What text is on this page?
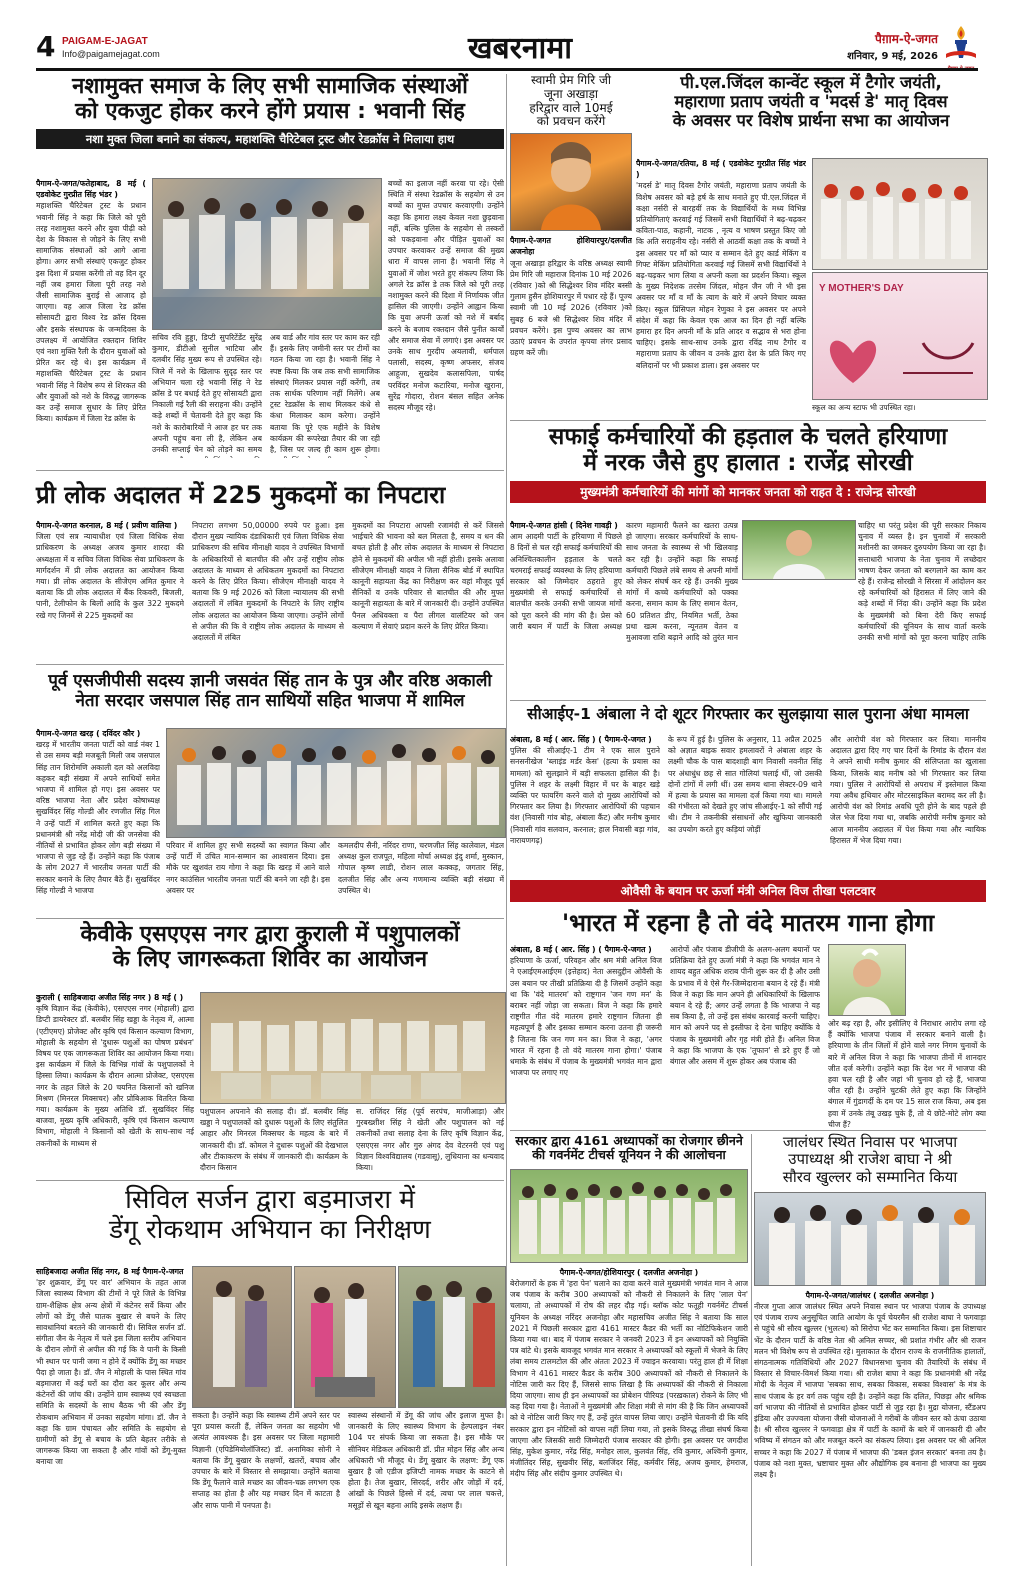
4 PAIGAM-E-JAGAT
Info@paigamejagat.com	खबरनामा	पैग़ाम-ऐ-जगत
शनिवार, 9 मई, 2026
नशामुक्त समाज के लिए सभी सामाजिक संस्थाओं
को एकजुट होकर करने होंगे प्रयास : भवानी सिंह
नशा मुक्त जिला बनाने का संकल्प, महाशक्ति चैरिटेबल ट्रस्ट और रेडक्रॉस ने मिलाया हाथ
पैगाम-ऐ-जगत/फतेहाबाद, 8 मई ( एडवोकेट गुरप्रीत सिंह भंडर )
महाशक्ति चैरिटेबल ट्रस्ट के प्रधान भवानी सिंह ने कहा कि जिले को पूरी तरह नशामुक्त करने और युवा पीढ़ी को देश के विकास से जोड़ने के लिए सभी सामाजिक संस्थाओं को आगे आना होगा। अगर सभी संस्थाएं एकजुट होकर इस दिशा में प्रयास करेंगी तो वह दिन दूर नहीं जब हमारा जिला पूरी तरह नशे जैसी सामाजिक बुराई से आजाद हो जाएगा। वह आज जिला रेड क्रॉस सोसायटी द्वारा विश्व रेड क्रॉस दिवस और इसके संस्थापक के जन्मदिवस के उपलक्ष्य में आयोजित रक्तदान शिविर एवं नशा मुक्ति रैली के दौरान युवाओं को प्रेरित कर रहे थे। इस कार्यक्रम में महाशक्ति चैरिटेबल ट्रस्ट के प्रधान भवानी सिंह ने विशेष रूप से शिरकत की और युवाओं को नशे के विरुद्ध जागरूक कर उन्हें समाज सुधार के लिए प्रेरित किया। कार्यक्रम में जिला रेड क्रॉस के
सचिव रवि हुड्डा, डिप्टी सुपरिटेंडेंट सुरेंद्र कुमार, डीटीओ सुनील भाटिया और दलबीर सिंह मुख्य रूप से उपस्थित रहे। जिले में नशे के खिलाफ सुदृढ़ स्तर पर अभियान चला रहे भवानी सिंह ने रेड क्रॉस डे पर बधाई देते हुए सोसायटी द्वारा निकाली गई रैली की सराहना की। उन्होंने कड़े शब्दों में चेतावनी देते हुए कहा कि नशे के कारोबारियों ने आज हर घर तक अपनी पहुंच बना ली है, लेकिन अब उनकी सप्लाई चेन को तोड़ने का समय
अब वार्ड और गांव स्तर पर काम कर रही हैं। इसके लिए जमीनी स्तर पर टीमों का गठन किया जा रहा है। भवानी सिंह ने स्पष्ट किया कि जब तक सभी सामाजिक संस्थाएं मिलकर प्रयास नहीं करेंगी, तब तक सार्थक परिणाम नहीं मिलेंगे। अब ट्रस्ट रेडक्रॉस के साथ मिलकर कंधे से कंधा मिलाकर काम करेगा। उन्होंने बताया कि पूरे एक महीने के विशेष कार्यक्रम की रूपरेखा तैयार की जा रही है, जिस पर जल्द ही काम शुरू होगा।
बच्चों का इलाज नहीं करवा पा रहे। ऐसी स्थिति में संस्था रेडक्रॉस के सहयोग से उन बच्चों का मुफ्त उपचार करवाएगी। उन्होंने कहा कि हमारा लक्ष्य केवल नशा छुड़वाना नहीं, बल्कि पुलिस के सहयोग से तस्करों को पकड़वाना और पीड़ित युवाओं का उपचार करवाकर उन्हें समाज की मुख्य धारा में वापस लाना है। भवानी सिंह ने युवाओं में जोश भरते हुए संकल्प लिया कि अगले रेड क्रॉस डे तक जिले को पूरी तरह नशामुक्त करने की दिशा में निर्णायक जीत हासिल की जाएगी। उन्होंने आह्वान किया कि युवा अपनी ऊर्जा को नशे में बर्बाद करने के बजाय रक्तदान जैसे पुनीत कार्यों और समाज सेवा में लगाएं। इस अवसर पर उनके साथ गुरदीप अयलावी, धर्मपाल पलासी, सदस्य, कृष्ण अफसर, संजय आहूजा, सुखदेव कलासपिला, पार्षद परविंदर मनोज कटारिया, मनोज खुराना, सुरेंद्र गोदारा, रोशन बंसल सहित अनेक सदस्य मौजूद रहे।
स्वामी प्रेम गिरि जी
जूना अखाड़ा
हरिद्वार वाले 10मई
को प्रवचन करेंगे
पैगाम-ऐ-जगत होशियारपुर/दलजीत अजनोहा
जूना अखाड़ा हरिद्वार के वरिष्ठ अध्यक्ष स्वामी प्रेम गिरि जी महाराज दिनांक 10 मई 2026 (रविवार )को श्री सिद्धेश्वर शिव मंदिर बस्सी गुलाम हुसैन होशियारपुर में पधार रहे हैं। पूज्य स्वामी जी 10 मई 2026 (रविवार )को सुबह 6 बजे श्री सिद्धेश्वर शिव मंदिर में प्रवचन करेंगे। इस पुण्य अवसर का लाभ उठाएं प्रवचन के उपरांत कृपया लंगर प्रसाद ग्रहण करें जी।
पी.एल.जिंदल कान्वेंट स्कूल में टैगोर जयंती,
महाराणा प्रताप जयंती व 'मदर्स डे' मातृ दिवस
के अवसर पर विशेष प्रार्थना सभा का आयोजन
पैगाम-ऐ-जगत/रतिया, 8 मई ( एडवोकेट गुरप्रीत सिंह भंडर )
'मदर्स डे' मातृ दिवस टैगोर जयंती, महाराणा प्रताप जयंती के विशेष अवसर को बड़े हर्ष के साथ मनाते हुए पी.एल.जिंदल में कक्षा नर्सरी से बारहवीं तक के विद्यार्थियों के मध्य विभिन्न प्रतियोगिताएं करवाई गई जिसमें सभी विद्यार्थियों ने बढ़-चढ़कर कविता-पाठ, कहानी, नाटक , नृत्य व भाषण प्रस्तुत किए जो कि अति सराहनीय रहे। नर्सरी से आठवीं कक्षा तक के बच्चों ने इस अवसर पर माँ को प्यार व सम्मान देते हुए कार्ड मेकिंग व गिफ्ट मेकिंग प्रतियोगिता करवाई गई जिसमें सभी विद्यार्थियों ने बढ़-चढ़कर भाग लिया व अपनी कला का प्रदर्शन किया। स्कूल के मुख्य निदेशक तरसेम जिंदल, मोहन जैन जी ने भी इस अवसर पर माँ व माँ के त्याग के बारे में अपने विचार व्यक्त किए। स्कूल प्रिंसिपल मोहन रेणुका ने इस अवसर पर अपने संदेश में कहा कि केवल एक आज का दिन ही नहीं बल्कि हमारा हर दिन अपनी माँ के प्रति आदर व सद्भाव से भरा होना चाहिए। इसके साथ-साथ उनके द्वारा रविंद्र नाथ टैगोर व महाराणा प्रताप के जीवन व उनके द्वारा देश के प्रति किए गए बलिदानों पर भी प्रकाश डाला। इस अवसर पर
Y MOTHER'S DAY
स्कूल का अन्य स्टाफ भी उपस्थित रहा।
सफाई कर्मचारियों की हड़ताल के चलते हरियाणा
में नरक जैसे हुए हालात : राजेंद्र सोरखी
मुख्यमंत्री कर्मचारियों की मांगों को मानकर जनता को राहत दे : राजेन्द्र सोरखी
पैगाम-ऐ-जगत हांसी ( दिनेश गावड़ी )
आम आदमी पार्टी के हरियाणा में पिछले 8 दिनों से चल रही सफाई कर्मचारियों की अनिश्चितकालीन हड़ताल के चलते चरमराई सफाई व्यवस्था के लिए हरियाणा सरकार को जिम्मेदार ठहराते हुए मुख्यमंत्री से सफाई कर्मचारियों से बातचीत करके उनकी सभी जायज मांगों को पूरा करने की मांग की है। प्रेस को जारी बयान में पार्टी के जिला अध्यक्ष
कारण महामारी फैलने का खतरा उत्पन्न हो जाएगा। सरकार कर्मचारियों के साथ-साथ जनता के स्वास्थ्य से भी खिलवाड़ कर रही है। उन्होंने कहा कि सफाई कर्मचारी पिछले लंबे समय से अपनी मांगों को लेकर संघर्ष कर रहे हैं। उनकी मुख्य मांगों में कच्चे कर्मचारियों को पक्का करना, समान काम के लिए समान वेतन, 60 प्रतिशत डीए, नियमित भर्ती, ठेका प्रथा खत्म करना, न्यूनतम वेतन व मुआवजा राशि बढ़ाने आदि को तुरंत मान
चाहिए था परंतु प्रदेश की पूरी सरकार निकाय चुनाव में व्यस्त है। इन चुनावों में सरकारी मशीनरी का जमकर दुरुपयोग किया जा रहा है। सत्ताधारी भाजपा के नेता चुनाव में लच्छेदार भाषण देकर जनता को बरगलाने का काम कर रहे हैं। राजेन्द्र सोरखी ने सिरसा में आंदोलन कर रहे कर्मचारियों को हिरासत में लिए जाने की कड़े शब्दों में निंदा की। उन्होंने कहा कि प्रदेश के मुख्यमंत्री को बिना देरी किए सफाई कर्मचारियों की यूनियन के साथ वार्ता करके उनकी सभी मांगों को पूरा करना चाहिए ताकि
प्री लोक अदालत में 225 मुकदमों का निपटारा
पैगाम-ऐ-जगत करनाल, 8 मई ( प्रवीण वालिया )
जिला एवं सत्र न्यायाधीश एवं जिला विधिक सेवा प्राधिकरण के अध्यक्ष अजय कुमार शारदा की अध्यक्षता में व सचिव जिला विधिक सेवा प्राधिकरण के मार्गदर्शन में प्री लोक अदालत का आयोजन किया गया। प्री लोक अदालत के सीजेएम अमित कुमार ने बताया कि प्री लोक अदालत में बैंक रिकवरी, बिजली, पानी, टेलीफोन के बिलों आदि के कुल 322 मुकदमे रखे गए जिनमें से 225 मुकदमों का
निपटारा लगभग 50,00000 रुपये पर हुआ। इस दौरान मुख्य न्यायिक दंडाधिकारी एवं जिला विधिक सेवा प्राधिकरण की सचिव मीनाक्षी यादव ने उपस्थित विभागों के अधिकारियों से बातचीत की और उन्हें राष्ट्रीय लोक अदालत के माध्यम से अधिकतम मुकदमों का निपटारा करने के लिए प्रेरित किया। सीजेएम मीनाक्षी यादव ने बताया कि 9 मई 2026 को जिला न्यायालय की सभी अदालतों में लंबित मुकदमों के निपटारे के लिए राष्ट्रीय लोक अदालत का आयोजन किया जाएगा। उन्होंने लोगों से अपील की कि वे राष्ट्रीय लोक अदालत के माध्यम से अदालतों में लंबित
मुकदमों का निपटारा आपसी रजामंदी से करें जिससे भाईचारे की भावना को बल मिलता है, समय व धन की बचत होती है और लोक अदालत के माध्यम से निपटारा होने से मुकदमों की अपील भी नहीं होती। इसके अलावा सीजेएम मीनाक्षी यादव ने जिला सैनिक बोर्ड में स्थापित कानूनी सहायता केंद्र का निरीक्षण कर वहां मौजूद पूर्व सैनिकों व उनके परिवार से बातचीत की और मुफ्त कानूनी सहायता के बारे में जानकारी दी। उन्होंने उपस्थित पैनल अधिवक्ता व पैरा लीगल वालंटियर को जन कल्याण में सेवाएं प्रदान करने के लिए प्रेरित किया।
पूर्व एसजीपीसी सदस्य ज्ञानी जसवंत सिंह तान के पुत्र और वरिष्ठ अकाली
नेता सरदार जसपाल सिंह तान साथियों सहित भाजपा में शामिल
पैगाम-ऐ-जगत खरड़ ( दविंदर कौर )
खरड़ में भारतीय जनता पार्टी को वार्ड नंबर 1 से उस समय बड़ी मजबूती मिली जब जसपाल सिंह तान शिरोमणि अकाली दल को अलविदा कहकर बड़ी संख्या में अपने साथियों समेत भाजपा में शामिल हो गए। इस अवसर पर वरिष्ठ भाजपा नेता और प्रदेश कोषाध्यक्ष सुखविंदर सिंह गोल्डी और रणजीत सिंह गिल ने उन्हें पार्टी में शामिल करते हुए कहा कि प्रधानमंत्री श्री नरेंद्र मोदी जी की जनसेवा की नीतियों से प्रभावित होकर लोग बड़ी संख्या में भाजपा से जुड़ रहे हैं। उन्होंने कहा कि पंजाब के लोग 2027 में भारतीय जनता पार्टी की सरकार बनाने के लिए तैयार बैठे हैं। सुखविंदर सिंह गोल्डी ने भाजपा
परिवार में शामिल हुए सभी सदस्यों का स्वागत किया और उन्हें पार्टी में उचित मान-सम्मान का आश्वासन दिया। इस मौके पर खुशवंत राय गोगा ने कहा कि खरड़ में आने वाले नगर काउंसिल भारतीय जनता पार्टी की बनने जा रही है। इस अवसर पर
कमलदीप सैनी, नरिंदर राणा, चरणजीत सिंह कालेवाल, मंडल अध्यक्ष कुल राजपूत, महिला मोर्चा अध्यक्ष इंदु शर्मा, मुस्कान, गोपाल कृष्ण लाडी, रोशन लाल कक्कड़, जगतार सिंह, दलजीत सिंह और अन्य गणमान्य व्यक्ति बड़ी संख्या में उपस्थित थे।
सीआईए-1 अंबाला ने दो शूटर गिरफ्तार कर सुलझाया साल पुराना अंधा मामला
अंबाला, 8 मई ( आर. सिंह ) ( पैगाम-ऐ-जगत )
पुलिस की सीआईए-1 टीम ने एक साल पुराने सनसनीखेज 'ब्लाइंड मर्डर केस' (हत्या के प्रयास का मामला) को सुलझाने में बड़ी सफलता हासिल की है। पुलिस ने शहर के लक्ष्मी विहार में घर के बाहर खड़े व्यक्ति पर फायरिंग करने वाले दो मुख्य आरोपियों को गिरफ्तार कर लिया है। गिरफ्तार आरोपियों की पहचान वंश (निवासी गांव बोह, अंबाला कैंट) और मनीष कुमार (निवासी गांव सलवान, करनाल; हाल निवासी बड़ा गांव, नारायणगढ़)
के रूप में हुई है। पुलिस के अनुसार, 11 अप्रैल 2025 को अज्ञात बाइक सवार हमलावरों ने अंबाला शहर के लक्ष्मी चौक के पास बादशाही बाग निवासी नवनीत सिंह पर अंधाधुंध छह से सात गोलियां चलाई थीं, जो उसकी दोनों टांगों में लगी थीं। उस समय थाना सेक्टर-09 थाने में हत्या के प्रयास का मामला दर्ज किया गया था। मामले की गंभीरता को देखते हुए जांच सीआईए-1 को सौंपी गई थी। टीम ने तकनीकी संसाधनों और खुफिया जानकारी का उपयोग करते हुए कड़ियां जोड़ीं
और आरोपी वंश को गिरफ्तार कर लिया। माननीय अदालत द्वारा दिए गए चार दिनों के रिमांड के दौरान वंश ने अपने साथी मनीष कुमार की संलिप्तता का खुलासा किया, जिसके बाद मनीष को भी गिरफ्तार कर लिया गया। पुलिस ने आरोपियों से अपराध में इस्तेमाल किया गया अवैध हथियार और मोटरसाइकिल बरामद कर ली है। आरोपी वंश को रिमांड अवधि पूरी होने के बाद पहले ही जेल भेज दिया गया था, जबकि आरोपी मनीष कुमार को आज माननीय अदालत में पेश किया गया और न्यायिक हिरासत में भेज दिया गया।
ओवैसी के बयान पर ऊर्जा मंत्री अनिल विज तीखा पलटवार
'भारत में रहना है तो वंदे मातरम गाना होगा
अंबाला, 8 मई ( आर. सिंह ) ( पैगाम-ऐ-जगत )
हरियाणा के ऊर्जा, परिवहन और श्रम मंत्री अनिल विज ने एआईएमआईएम (इत्तेहाद) नेता असदुद्दीन ओवैसी के उस बयान पर तीखी प्रतिक्रिया दी है जिसमें उन्होंने कहा था कि 'वंदे मातरम' को राष्ट्रगान 'जन गण मन' के बराबर नहीं जोड़ा जा सकता। विज ने कहा कि हमारे राष्ट्रगीत गीत वंदे मातरम हमारे राष्ट्रगान जितना ही महत्वपूर्ण है और इसका सम्मान करना उतना ही जरूरी है जितना कि जन गण मन का। विज ने कहा, 'अगर भारत में रहना है तो वंदे मातरम गाना होगा।' पंजाब धमाके के संबंध में पंजाब के मुख्यमंत्री भगवंत मान द्वारा भाजपा पर लगाए गए
आरोपों और पंजाब डीजीपी के अलग-अलग बयानों पर प्रतिक्रिया देते हुए ऊर्जा मंत्री ने कहा कि भगवंत मान ने शायद बहुत अधिक शराब पीनी शुरू कर दी है और उसी के प्रभाव में वे ऐसे गैर-जिम्मेदाराना बयान दे रहे हैं। मंत्री विज ने कहा कि मान अपने ही अधिकारियों के खिलाफ बयान दे रहे हैं; अगर उन्हें लगता है कि भाजपा ने यह सब किया है, तो उन्हें इस संबंध कारवाई करनी चाहिए। मान को अपने पद से इस्तीफा दे देना चाहिए क्योंकि वे पंजाब के मुख्यमंत्री और गृह मंत्री होते हैं। अनिल विज ने कहा कि भाजपा के एक 'तूफान' से डरे हुए हैं जो बंगाल और असम में शुरू होकर अब पंजाब की
ओर बढ़ रहा है, और इसीलिए वे निराधार आरोप लगा रहे हैं क्योंकि भाजपा पंजाब में सरकार बनाने वाली है। हरियाणा के तीन जिलों में होने वाले नगर निगम चुनावों के बारे में अनिल विज ने कहा कि भाजपा तीनों में शानदार जीत दर्ज करेगी। उन्होंने कहा कि देश भर में भाजपा की हवा चल रही है और जहां भी चुनाव हो रहे हैं, भाजपा जीत रही है। उन्होंने चुटकी लेते हुए कहा कि जिन्होंने बंगाल में गुंडागर्दी के दम पर 15 साल राज किया, अब इस हवा में उनके तंबू उखड़ चुके हैं, तो ये छोटे-मोटे लोग क्या चीज हैं?
केवीके एसएएस नगर द्वारा कुराली में पशुपालकों
के लिए जागरूकता शिविर का आयोजन
कुराली ( साहिबजादा अजीत सिंह नगर ) 8 मई ( )
कृषि विज्ञान केंद्र (केवीके), एसएएस नगर (मोहाली) द्वारा डिप्टी डायरेक्टर डॉ. बलबीर सिंह खड्डा के नेतृत्व में, आत्मा (एटीएमए) प्रोजेक्ट और कृषि एवं किसान कल्याण विभाग, मोहाली के सहयोग से 'दुधारू पशुओं का पोषण प्रबंधन' विषय पर एक जागरूकता शिविर का आयोजन किया गया। इस कार्यक्रम में जिले के विभिन्न गांवों के पशुपालकों ने हिस्सा लिया। कार्यक्रम के दौरान आत्मा प्रोजेक्ट, एसएएस नगर के तहत जिले के 20 चयनित किसानों को खनिज मिश्रण (मिनरल मिक्सचर) और प्रोबिआक वितरित किया गया। कार्यक्रम के मुख्य अतिथि डॉ. सुखविंदर सिंह बाजवा, मुख्य कृषि अधिकारी, कृषि एवं किसान कल्याण विभाग, मोहाली ने किसानों को खेती के साथ-साथ नई तकनीकों के माध्यम से
पशुपालन अपनाने की सलाह दी। डॉ. बलबीर सिंह खड्डा ने पशुपालकों को दुधारू पशुओं के लिए संतुलित आहार और मिनरल मिक्सचर के महत्व के बारे में जानकारी दी। डॉ. कोमल ने दुधारू पशुओं की देखभाल और टीकाकरण के संबंध में जानकारी दी। कार्यक्रम के दौरान किसान
स. राजिंदर सिंह (पूर्व सरपंच, माजीआड़ा) और गुरबख्शीश सिंह ने खेती और पशुपालन को नई तकनीकों तथा सलाह देना के लिए कृषि विज्ञान केंद्र, एसएएस नगर और गुरु अंगद देव वेटरनरी एवं पशु विज्ञान विश्वविद्यालय (गडवासू), लुधियाना का धन्यवाद किया।
सिविल सर्जन द्वारा बड़माजरा में
डेंगू रोकथाम अभियान का निरीक्षण
साहिबजादा अजीत सिंह नगर, 8 मई पैगाम-ऐ-जगत
'हर शुक्रवार, डेंगू पर वार' अभियान के तहत आज जिला स्वास्थ्य विभाग की टीमों ने पूरे जिले के विभिन्न ग्राम-शैक्षिक क्षेत्र अन्य क्षेत्रों में कंटेनर सर्वे किया और लोगों को डेंगू जैसे घातक बुखार से बचने के लिए सावधानियां बरतने की जानकारी दी। सिविल सर्जन डॉ. संगीता जैन के नेतृत्व में चले इस जिला स्तरीय अभियान के दौरान लोगों से अपील की गई कि वे पानी के किसी भी स्थान पर पानी जमा न होने दें क्योंकि डेंगू का मच्छर पैदा हो जाता है। डॉ. जैन ने मोहाली के पास स्थित गांव बड़माजरा में कई घरों का दौरा कर कूलर और अन्य कंटेनरों की जांच की। उन्होंने ग्राम स्वास्थ्य एवं स्वच्छता समिति के सदस्यों के साथ बैठक भी की और डेंगू रोकथाम अभियान में उनका सहयोग मांगा। डॉ. जैन ने कहा कि ग्राम पंचायत और समिति के सहयोग से ग्रामीणों को डेंगू से बचाव के प्रति बेहतर तरीके से जागरूक किया जा सकता है और गांवों को डेंगू-मुक्त बनाया जा
सकता है। उन्होंने कहा कि स्वास्थ्य टीमें अपने स्तर पर पूरा प्रयास करती हैं, लेकिन जनता का सहयोग भी अत्यंत आवश्यक है। इस अवसर पर जिला महामारी विज्ञानी (एपिडेमियोलॉजिस्ट) डॉ. अनामिका सोनी ने बताया कि डेंगू बुखार के लक्षणों, खतरों, बचाव और उपचार के बारे में विस्तार से समझाया। उन्होंने बताया कि डेंगू फैलाने वाले मच्छर का जीवन-चक्र लगभग एक सप्ताह का होता है और यह मच्छर दिन में काटता है और साफ पानी में पनपता है।
स्वास्थ्य संस्थानों में डेंगू की जांच और इलाज मुफ्त है। जानकारी के लिए स्वास्थ्य विभाग के हेल्पलाइन नंबर 104 पर संपर्क किया जा सकता है। इस मौके पर सीनियर मेडिकल अधिकारी डॉ. प्रीत मोहन सिंह और अन्य अधिकारी भी मौजूद थे। डेंगू बुखार के लक्षण: डेंगू एक बुखार है जो एडीज इजिप्टी नामक मच्छर के काटने से होता है। तेज बुखार, सिरदर्द, शरीर और जोड़ों में दर्द, आंखों के पिछले हिस्से में दर्द, त्वचा पर लाल चकत्ते, मसूड़ों से खून बहना आदि इसके लक्षण हैं।
सरकार द्वारा 4161 अध्यापकों का रोजगार छीनने
की गवर्नमेंट टीचर्स यूनियन ने की आलोचना
पैगाम-ऐ-जगत/होशियारपुर ( दलजीत अजनोहा )
बेरोजगारों के हक में 'हरा पेन' चलाने का दावा करने वाले मुख्यमंत्री भगवंत मान ने आज जब पंजाब के करीब 300 अध्यापकों को नौकरी से निकालने के लिए 'लाल पेन' चलाया, तो अध्यापकों में रोष की लहर दौड़ गई। ब्लॉक कोट फतूही गवर्नमेंट टीचर्स यूनियन के अध्यक्ष नरिंदर अजनोहा और महासचिव अजीत सिंह ने बताया कि साल 2021 में पिछली सरकार द्वारा 4161 मास्टर कैडर की भर्ती का नोटिफिकेशन जारी किया गया था। बाद में पंजाब सरकार ने जनवरी 2023 में इन अध्यापकों को नियुक्ति पत्र बांटे थे। इसके बावजूद भगवंत मान सरकार ने अध्यापकों को स्कूलों में भेजने के लिए लंबा समय टालमटोल की और अंततः 2023 में ज्वाइन करवाया। परंतु हाल ही में शिक्षा विभाग ने 4161 मास्टर कैडर के करीब 300 अध्यापकों को नौकरी से निकालने के नोटिस जारी कर दिए हैं, जिससे साफ लिखा है कि अध्यापकों की नौकरी से निकाला दिया जाएगा। साथ ही इन अध्यापकों का प्रोबेशन पीरियड (परख़काल) रोकने के लिए भी कह दिया गया है। नेताओं ने मुख्यमंत्री और शिक्षा मंत्री से मांग की है कि जिन अध्यापकों को ये नोटिस जारी किए गए हैं, उन्हें तुरंत वापस लिया जाए। उन्होंने चेतावनी दी कि यदि सरकार द्वारा इन नोटिसों को वापस नहीं लिया गया, तो इसके विरुद्ध तीखा संघर्ष किया जाएगा और जिसकी सारी जिम्मेदारी पंजाब सरकार की होगी। इस अवसर पर जगदीश सिंह, मुकेश कुमार, नरेंद्र सिंह, मनोहर लाल, कुलवंत सिंह, रवि कुमार, अश्विनी कुमार, मंजीतिंदर सिंह, सुखवीर सिंह, बलजिंदर सिंह, कर्मवीर सिंह, अजय कुमार, हेमराज, मंदीप सिंह और संदीप कुमार उपस्थित थे।
जालंधर स्थित निवास पर भाजपा
उपाध्यक्ष श्री राजेश बाघा ने श्री
सौरव खुल्लर को सम्मानित किया
पैगाम-ऐ-जगत/जालंधर ( दलजीत अजनोहा )
नीरज गुप्ता आज जालंधर स्थित अपने निवास स्थान पर भाजपा पंजाब के उपाध्यक्ष एवं पंजाब राज्य अनुसूचित जाति आयोग के पूर्व चेयरमैन श्री राजेश बाघा ने फगवाड़ा से पहुंचे श्री सौरव खुल्लर (भुलत्थ) को सिरोपा भेंट कर सम्मानित किया। इस शिष्टाचार भेंट के दौरान पार्टी के वरिष्ठ नेता श्री अनिल सच्चर, श्री प्रशांत गंभीर और श्री राजन मलन भी विशेष रूप से उपस्थित रहे। मुलाकात के दौरान राज्य के राजनीतिक हालातों, संगठनात्मक गतिविधियों और 2027 विधानसभा चुनाव की तैयारियों के संबंध में विस्तार से विचार-विमर्श किया गया। श्री राजेश बाघा ने कहा कि प्रधानमंत्री श्री नरेंद्र मोदी के नेतृत्व में भाजपा 'सबका साथ, सबका विकास, सबका विश्वास' के मंत्र के साथ पंजाब के हर वर्ग तक पहुंच रही है। उन्होंने कहा कि दलित, पिछड़ा और श्रमिक वर्ग भाजपा की नीतियों से प्रभावित होकर पार्टी से जुड़ रहा है। मुद्रा योजना, स्टैंडअप इंडिया और उज्ज्वला योजना जैसी योजनाओं ने गरीबों के जीवन स्तर को ऊंचा उठाया है। श्री सौरव खुल्लर ने फगवाड़ा क्षेत्र में पार्टी के कामों के बारे में जानकारी दी और भविष्य में संगठन को और मजबूत करने का संकल्प लिया। इस अवसर पर श्री अनिल सच्चर ने कहा कि 2027 में पंजाब में भाजपा की 'डबल इंजन सरकार' बनना तय है। पंजाब को नशा मुक्त, भ्रष्टाचार मुक्त और औद्योगिक हब बनाना ही भाजपा का मुख्य लक्ष्य है।
